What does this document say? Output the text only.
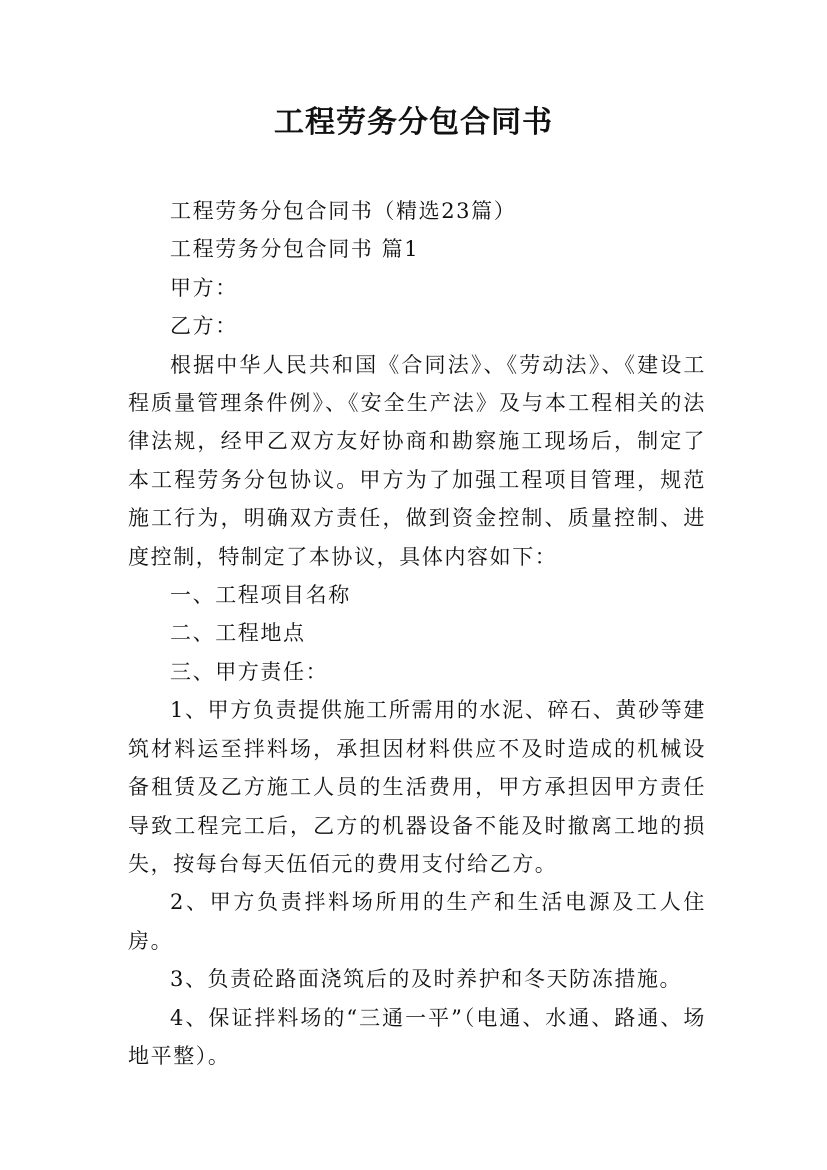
工程劳务分包合同书

工程劳务分包合同书（精选23篇）

工程劳务分包合同书 篇1

甲方：

乙方：

根据中华人民共和国《合同法》、《劳动法》、《建设工程质量管理条件例》、《安全生产法》及与本工程相关的法律法规，经甲乙双方友好协商和勘察施工现场后，制定了本工程劳务分包协议。甲方为了加强工程项目管理，规范施工行为，明确双方责任，做到资金控制、质量控制、进度控制，特制定了本协议，具体内容如下：

一、工程项目名称

二、工程地点

三、甲方责任：

1、甲方负责提供施工所需用的水泥、碎石、黄砂等建筑材料运至拌料场，承担因材料供应不及时造成的机械设备租赁及乙方施工人员的生活费用，甲方承担因甲方责任导致工程完工后，乙方的机器设备不能及时撤离工地的损失，按每台每天伍佰元的费用支付给乙方。

2、甲方负责拌料场所用的生产和生活电源及工人住房。

3、负责砼路面浇筑后的及时养护和冬天防冻措施。

4、保证拌料场的“三通一平”（电通、水通、路通、场地平整）。
